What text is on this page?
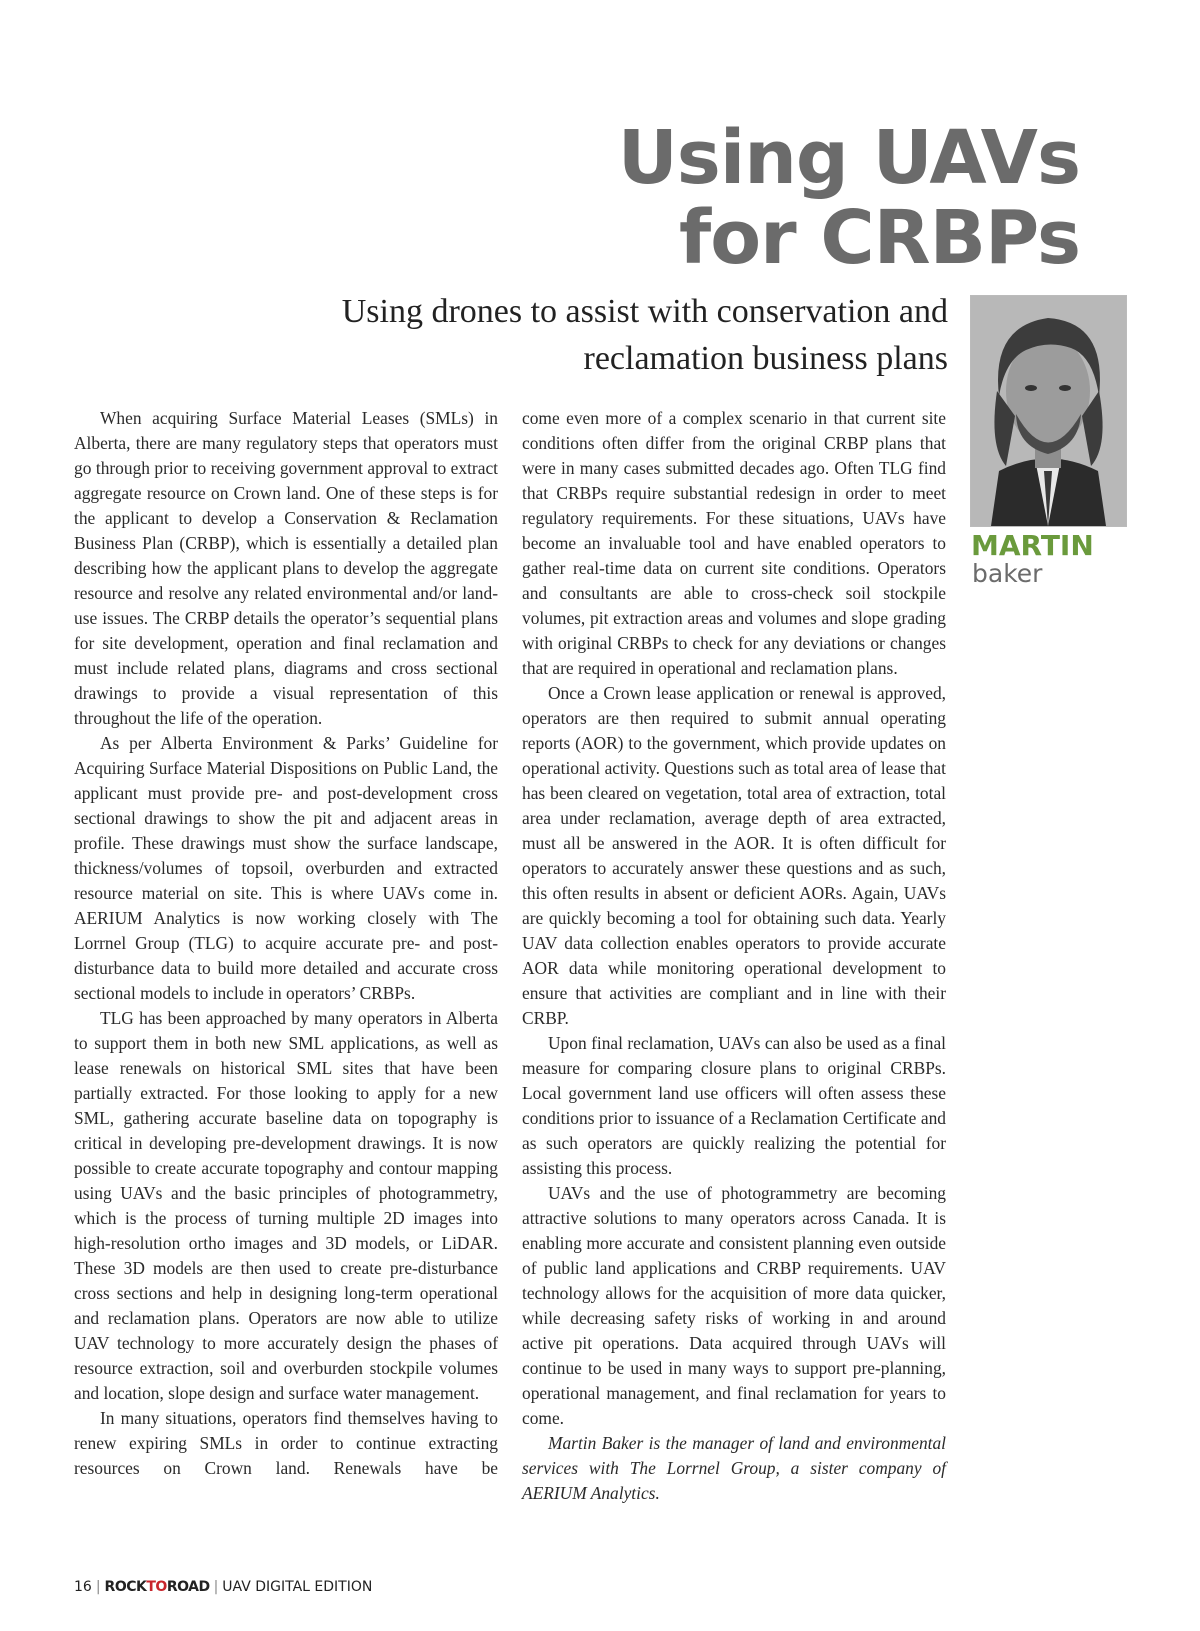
Using UAVs
for CRBPs
Using drones to assist with conservation and
reclamation business plans
MARTIN
baker

When acquiring Surface Material Leases (SMLs) in Alberta, there are many regulatory steps that operators must go through prior to receiving government approval to extract aggregate resource on Crown land. One of these steps is for the applicant to develop a Conservation & Reclamation Business Plan (CRBP), which is essentially a detailed plan describing how the applicant plans to develop the aggregate resource and resolve any related environmental and/or land-use issues. The CRBP details the operator’s sequential plans for site development, operation and final reclamation and must include related plans, diagrams and cross sectional drawings to provide a visual representation of this throughout the life of the operation.

As per Alberta Environment & Parks’ Guideline for Acquiring Surface Material Dispositions on Public Land, the applicant must provide pre- and post-development cross sectional drawings to show the pit and adjacent areas in profile. These drawings must show the surface landscape, thickness/volumes of topsoil, overburden and extracted resource material on site. This is where UAVs come in. AERIUM Analytics is now working closely with The Lorrnel Group (TLG) to acquire accurate pre- and post-disturbance data to build more detailed and accurate cross sectional models to include in operators’ CRBPs.

TLG has been approached by many operators in Alberta to support them in both new SML applications, as well as lease renewals on historical SML sites that have been partially extracted. For those looking to apply for a new SML, gathering accurate baseline data on topography is critical in developing pre-development drawings. It is now possible to create accurate topography and contour mapping using UAVs and the basic principles of photogrammetry, which is the process of turning multiple 2D images into high-resolution ortho images and 3D models, or LiDAR. These 3D models are then used to create pre-disturbance cross sections and help in designing long-term operational and reclamation plans. Operators are now able to utilize UAV technology to more accurately design the phases of resource extraction, soil and overburden stockpile volumes and location, slope design and surface water management.

In many situations, operators find themselves having to renew expiring SMLs in order to continue extracting resources on Crown land. Renewals have be

come even more of a complex scenario in that current site conditions often differ from the original CRBP plans that were in many cases submitted decades ago. Often TLG find that CRBPs require substantial redesign in order to meet regulatory requirements. For these situations, UAVs have become an invaluable tool and have enabled operators to gather real-time data on current site conditions. Operators and consultants are able to cross-check soil stockpile volumes, pit extraction areas and volumes and slope grading with original CRBPs to check for any deviations or changes that are required in operational and reclamation plans.

Once a Crown lease application or renewal is approved, operators are then required to submit annual operating reports (AOR) to the government, which provide updates on operational activity. Questions such as total area of lease that has been cleared on vegetation, total area of extraction, total area under reclamation, average depth of area extracted, must all be answered in the AOR. It is often difficult for operators to accurately answer these questions and as such, this often results in absent or deficient AORs. Again, UAVs are quickly becoming a tool for obtaining such data. Yearly UAV data collection enables operators to provide accurate AOR data while monitoring operational development to ensure that activities are compliant and in line with their CRBP.

Upon final reclamation, UAVs can also be used as a final measure for comparing closure plans to original CRBPs. Local government land use officers will often assess these conditions prior to issuance of a Reclamation Certificate and as such operators are quickly realizing the potential for assisting this process.

UAVs and the use of photogrammetry are becoming attractive solutions to many operators across Canada. It is enabling more accurate and consistent planning even outside of public land applications and CRBP requirements. UAV technology allows for the acquisition of more data quicker, while decreasing safety risks of working in and around active pit operations. Data acquired through UAVs will continue to be used in many ways to support pre-planning, operational management, and final reclamation for years to come.

Martin Baker is the manager of land and environmental services with The Lorrnel Group, a sister company of AERIUM Analytics.

16 | ROCKTOROAD | UAV DIGITAL EDITION
